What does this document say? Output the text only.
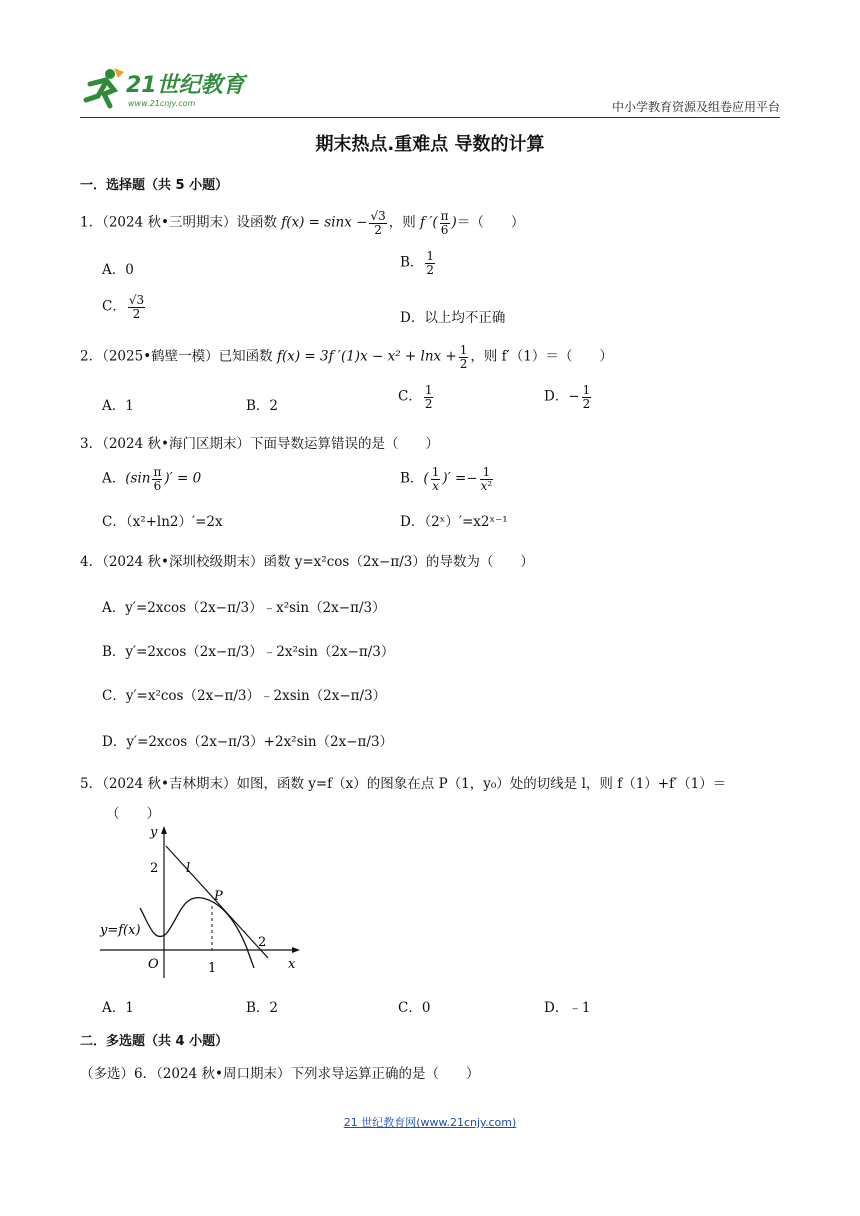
21世纪教育
www.21cnjy.com	中小学教育资源及组卷应用平台
期末热点.重难点 导数的计算
一．选择题（共 5 小题）
1．（2024 秋•三明期末）设函数 $f(x) = \sin x - \frac{√3}{2}$ ，则 f ′( $\frac{\pi}{6}$ )＝（　　）
A．0	B． $\frac{1}{2}$
C． $\frac{√3}{2}$	D．以上均不正确
2．（2025•鹤壁一模）已知函数 f(x) = 3f $'(1)x - x^2 + \ln x + \frac{1}{2}$ ，则 f′（1）＝（　　）
A．1	B．2
C． $\frac{1}{2}$	D．− $\frac{1}{2}$
3．（2024 秋•海门区期末）下面导数运算错误的是（　　）
A．($\sin \frac{\pi}{6}$ )′ = 0	B．( $\frac{1}{x}$ )′ =− $\frac{1}{\text{x²}}$
C．（x²+ln2）′=2x	D．（2ˣ）′=x2ˣ⁻¹
4．（2024 秋•深圳校级期末）函数 y=x²cos（2x−π/3）的导数为（　　）
A．y′=2xcos（2x−π/3）﹣x²sin（2x−π/3）
B．y′=2xcos（2x−π/3）﹣2x²sin（2x−π/3）
C．y′=x²cos（2x−π/3）﹣2xsin（2x−π/3）
D．y′=2xcos（2x−π/3）+2x²sin（2x−π/3）
5．（2024 秋•吉林期末）如图，函数 y=f（x）的图象在点 P（1，y₀）处的切线是 l，则 f（1）+f′（1）＝
（　　）
y
x
O
2
1
2
l
P
y=f(x)
A．1	B．2	C．0	D．﹣1
二．多选题（共 4 小题）
（多选）6．（2024 秋•周口期末）下列求导运算正确的是（　　）
21 世纪教育网(www.21cnjy.com)
